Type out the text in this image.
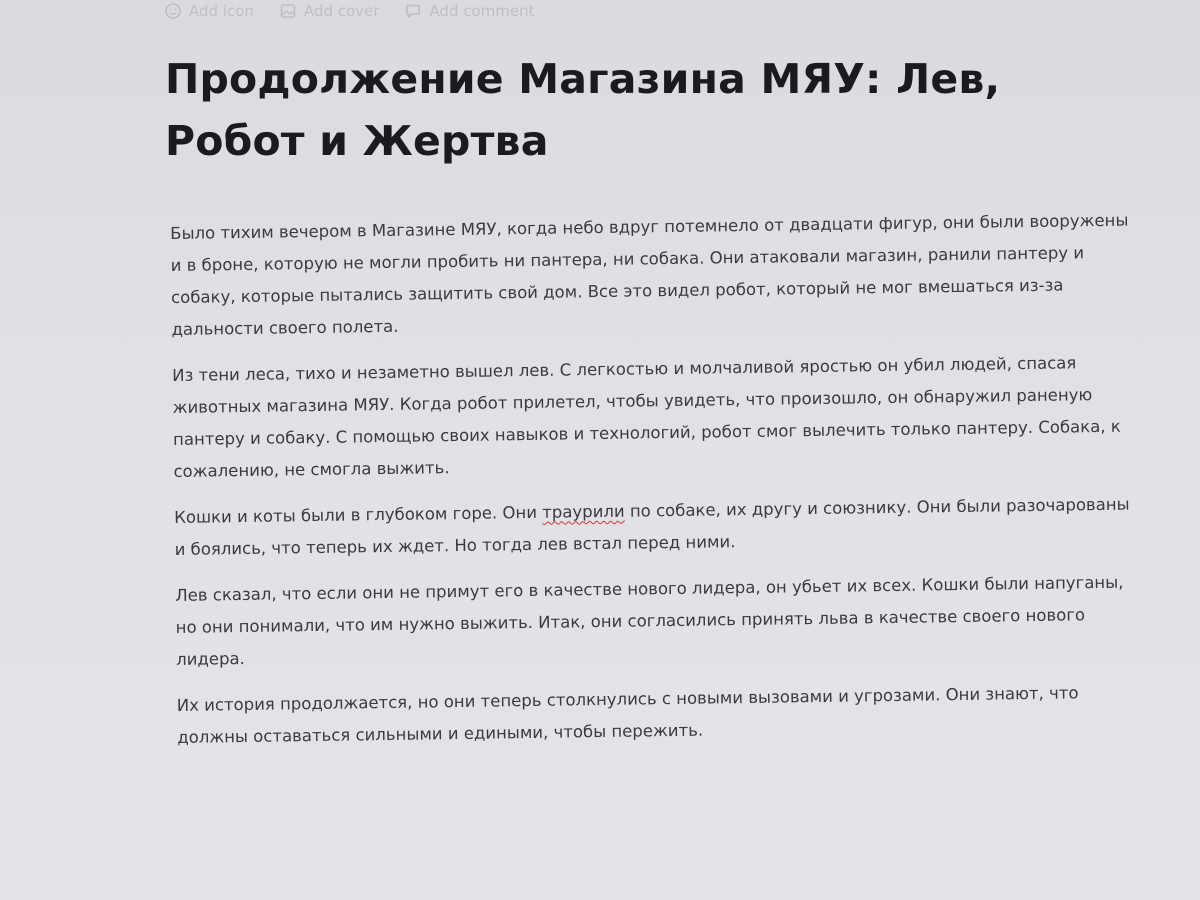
Add icon	Add cover	Add comment
Продолжение Магазина МЯУ: Лев, Робот и Жертва

Было тихим вечером в Магазине МЯУ, когда небо вдруг потемнело от двадцати фигур, они были вооружены и в броне, которую не могли пробить ни пантера, ни собака. Они атаковали магазин, ранили пантеру и собаку, которые пытались защитить свой дом. Все это видел робот, который не мог вмешаться из-за дальности своего полета.

Из тени леса, тихо и незаметно вышел лев. С легкостью и молчаливой яростью он убил людей, спасая животных магазина МЯУ. Когда робот прилетел, чтобы увидеть, что произошло, он обнаружил раненую пантеру и собаку. С помощью своих навыков и технологий, робот смог вылечить только пантеру. Собака, к сожалению, не смогла выжить.

Кошки и коты были в глубоком горе. Они траурили по собаке, их другу и союзнику. Они были разочарованы и боялись, что теперь их ждет. Но тогда лев встал перед ними.

Лев сказал, что если они не примут его в качестве нового лидера, он убьет их всех. Кошки были напуганы, но они понимали, что им нужно выжить. Итак, они согласились принять льва в качестве своего нового лидера.

Их история продолжается, но они теперь столкнулись с новыми вызовами и угрозами. Они знают, что должны оставаться сильными и едиными, чтобы пережить.
